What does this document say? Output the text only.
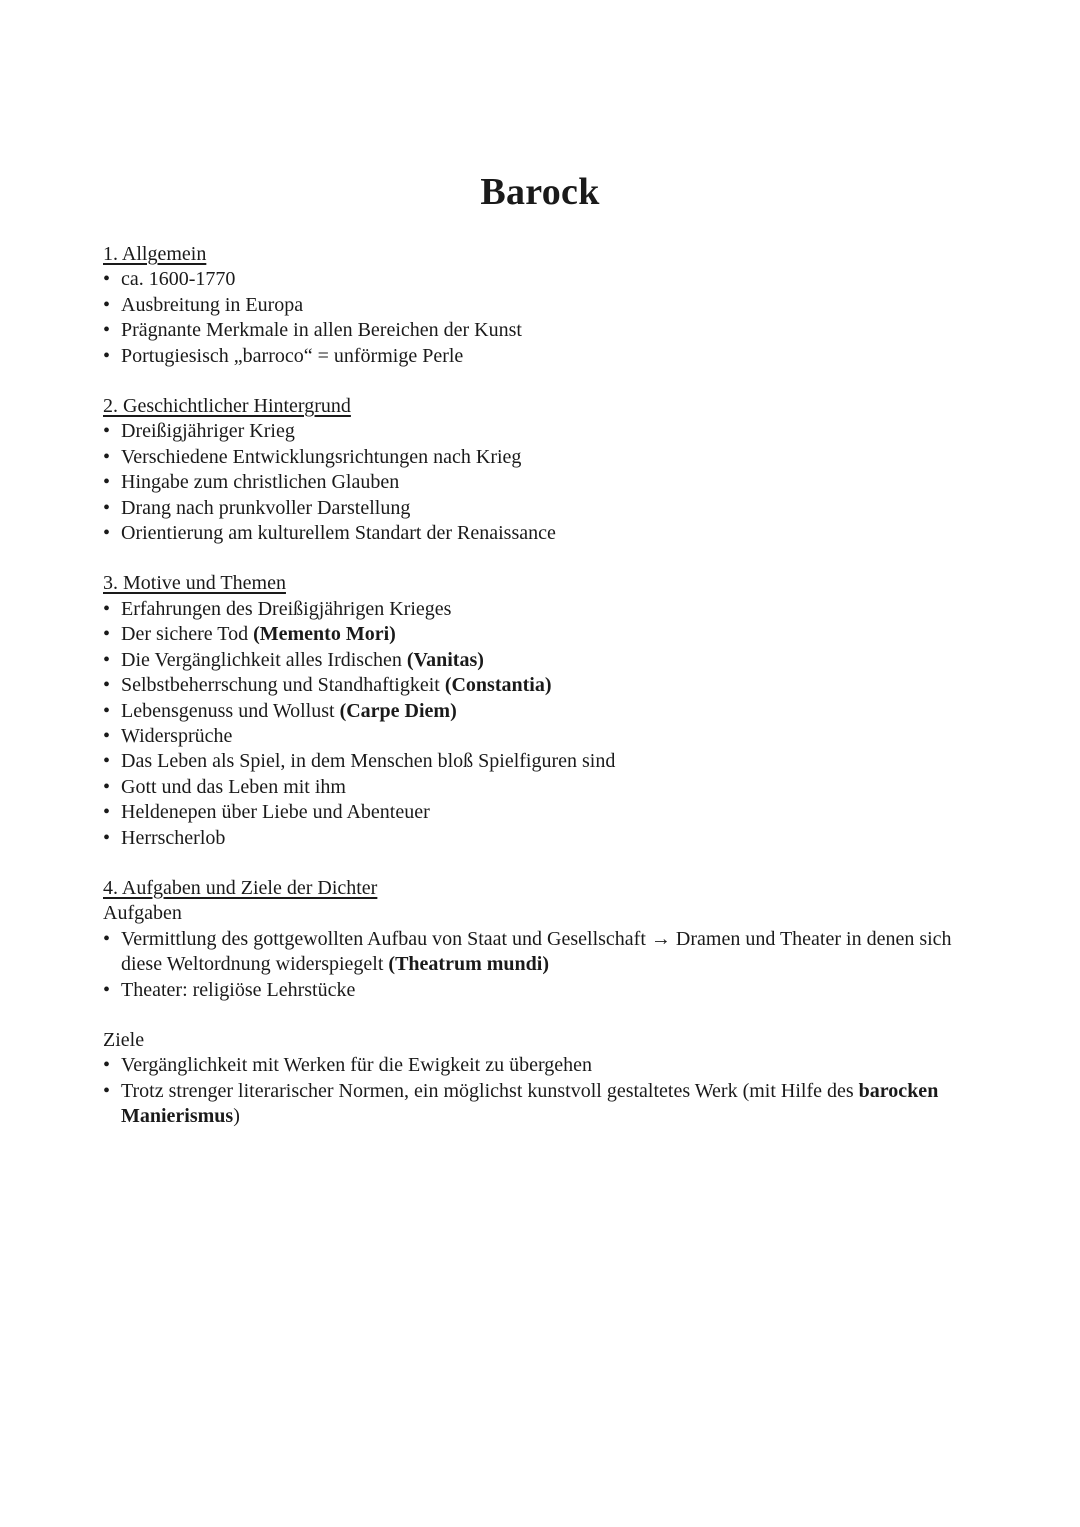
Barock
1. Allgemein
• ca. 1600-1770
• Ausbreitung in Europa
• Prägnante Merkmale in allen Bereichen der Kunst
• Portugiesisch „barroco“ = unförmige Perle
2. Geschichtlicher Hintergrund
• Dreißigjähriger Krieg
• Verschiedene Entwicklungsrichtungen nach Krieg
• Hingabe zum christlichen Glauben
• Drang nach prunkvoller Darstellung
• Orientierung am kulturellem Standart der Renaissance
3. Motive und Themen
• Erfahrungen des Dreißigjährigen Krieges
• Der sichere Tod (Memento Mori)
• Die Vergänglichkeit alles Irdischen (Vanitas)
• Selbstbeherrschung und Standhaftigkeit (Constantia)
• Lebensgenuss und Wollust (Carpe Diem)
• Widersprüche
• Das Leben als Spiel, in dem Menschen bloß Spielfiguren sind
• Gott und das Leben mit ihm
• Heldenepen über Liebe und Abenteuer
• Herrscherlob
4. Aufgaben und Ziele der Dichter
Aufgaben
• Vermittlung des gottgewollten Aufbau von Staat und Gesellschaft → Dramen und Theater in denen sich diese Weltordnung widerspiegelt (Theatrum mundi)
• Theater: religiöse Lehrstücke
Ziele
• Vergänglichkeit mit Werken für die Ewigkeit zu übergehen
• Trotz strenger literarischer Normen, ein möglichst kunstvoll gestaltetes Werk (mit Hilfe des barocken Manierismus)
